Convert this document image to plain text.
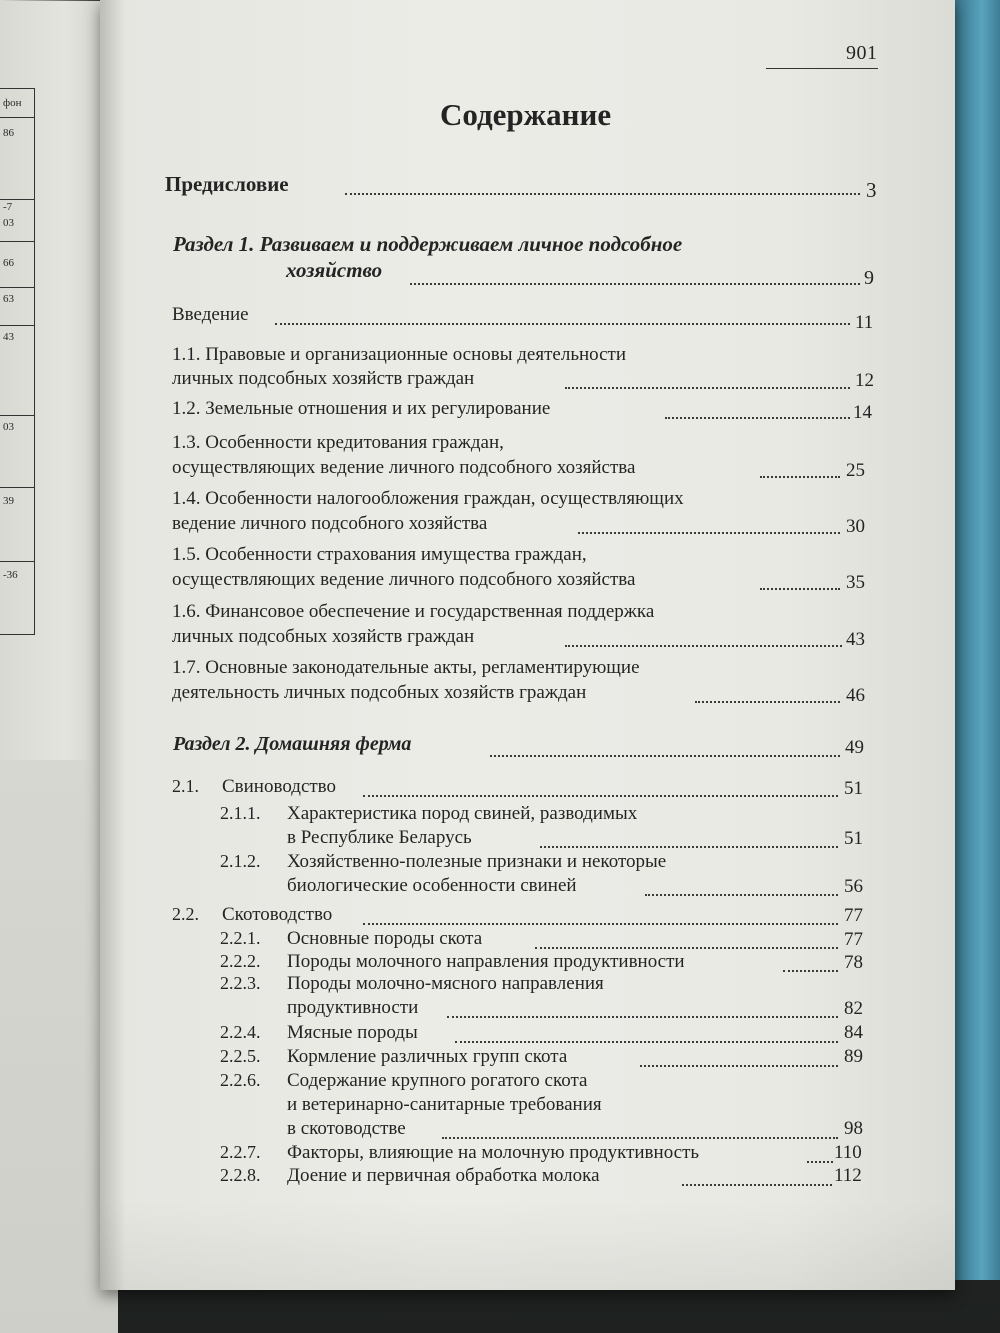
фон
86
-7
03
66
63
43
03
39
-36
901
Содержание
Предисловие	3
Раздел 1. Развиваем и поддерживаем личное подсобное
хозяйство	9
Введение	11
1.1. Правовые и организационные основы деятельности
личных подсобных хозяйств граждан	12
1.2. Земельные отношения и их регулирование	14
1.3. Особенности кредитования граждан,
осуществляющих ведение личного подсобного хозяйства	25
1.4. Особенности налогообложения граждан, осуществляющих
ведение личного подсобного хозяйства	30
1.5. Особенности страхования имущества граждан,
осуществляющих ведение личного подсобного хозяйства	35
1.6. Финансовое обеспечение и государственная поддержка
личных подсобных хозяйств граждан	43
1.7. Основные законодательные акты, регламентирующие
деятельность личных подсобных хозяйств граждан	46
Раздел 2. Домашняя ферма	49
2.1. Свиноводство	51
2.1.1. Характеристика пород свиней, разводимых
в Республике Беларусь	51
2.1.2. Хозяйственно-полезные признаки и некоторые
биологические особенности свиней	56
2.2. Скотоводство	77
2.2.1. Основные породы скота	77
2.2.2. Породы молочного направления продуктивности	78
2.2.3. Породы молочно-мясного направления
продуктивности	82
2.2.4. Мясные породы	84
2.2.5. Кормление различных групп скота	89
2.2.6. Содержание крупного рогатого скота
и ветеринарно-санитарные требования
в скотоводстве	98
2.2.7. Факторы, влияющие на молочную продуктивность	110
2.2.8. Доение и первичная обработка молока	112
